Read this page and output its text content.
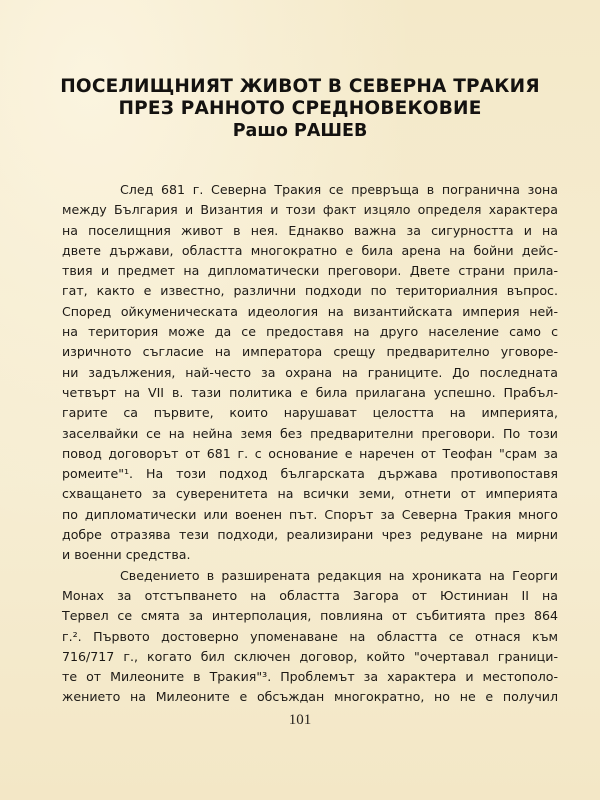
ПОСЕЛИЩНИЯТ ЖИВОТ В СЕВЕРНА ТРАКИЯ
ПРЕЗ РАННОТО СРЕДНОВЕКОВИЕ
Рашо РАШЕВ
След 681 г. Северна Тракия се превръща в погранична зона
между България и Византия и този факт изцяло определя характера
на поселищния живот в нея. Еднакво важна за сигурността и на
двете държави, областта многократно е била арена на бойни дейс-
твия и предмет на дипломатически преговори. Двете страни прила-
гат, както е известно, различни подходи по териториалния въпрос.
Според ойкуменическата идеология на византийската империя ней-
на територия може да се предоставя на друго население само с
изричното съгласие на императора срещу предварително уговоре-
ни задължения, най-често за охрана на границите. До последната
четвърт на VII в. тази политика е била прилагана успешно. Прабъл-
гарите са първите, които нарушават целостта на империята,
заселвайки се на нейна земя без предварителни преговори. По този
повод договорът от 681 г. с основание е наречен от Теофан "срам за
ромеите"¹. На този подход българската държава противопоставя
схващането за суверенитета на всички земи, отнети от империята
по дипломатически или военен път. Спорът за Северна Тракия много
добре отразява тези подходи, реализирани чрез редуване на мирни
и военни средства.
Сведението в разширената редакция на хрониката на Георги
Монах за отстъпването на областта Загора от Юстиниан II на
Тервел се смята за интерполация, повлияна от събитията през 864
г.². Първото достоверно упоменаване на областта се отнася към
716/717 г., когато бил сключен договор, който "очертавал граници-
те от Милеоните в Тракия"³. Проблемът за характера и местополо-
жението на Милеоните е обсъждан многократно, но не е получил
101
